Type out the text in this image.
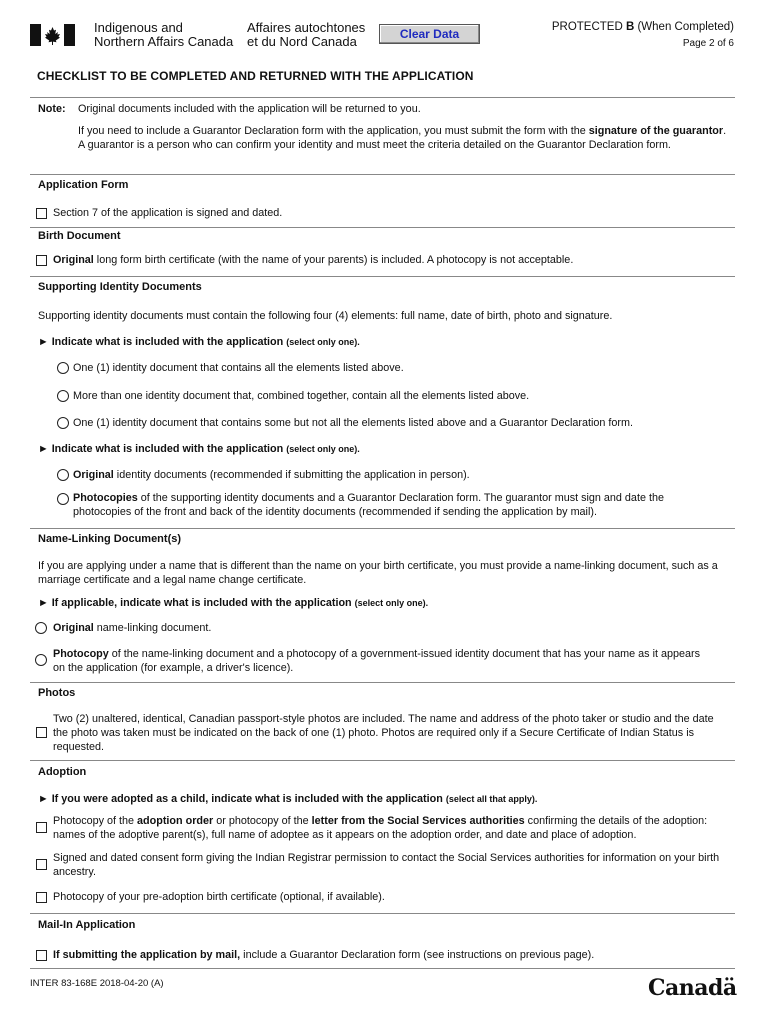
Indigenous and
Northern Affairs Canada
Affaires autochtones
et du Nord Canada	Clear Data	PROTECTED B (When Completed)
Page 2 of 6
CHECKLIST TO BE COMPLETED AND RETURNED WITH THE APPLICATION
Note: Original documents included with the application will be returned to you.
If you need to include a Guarantor Declaration form with the application, you must submit the form with the signature of the guarantor. A guarantor is a person who can confirm your identity and must meet the criteria detailed on the Guarantor Declaration form.
Application Form
Section 7 of the application is signed and dated.
Birth Document
Original long form birth certificate (with the name of your parents) is included. A photocopy is not acceptable.
Supporting Identity Documents
Supporting identity documents must contain the following four (4) elements: full name, date of birth, photo and signature.
► Indicate what is included with the application (select only one).
One (1) identity document that contains all the elements listed above.
More than one identity document that, combined together, contain all the elements listed above.
One (1) identity document that contains some but not all the elements listed above and a Guarantor Declaration form.
► Indicate what is included with the application (select only one).
Original identity documents (recommended if submitting the application in person).
Photocopies of the supporting identity documents and a Guarantor Declaration form. The guarantor must sign and date the photocopies of the front and back of the identity documents (recommended if sending the application by mail).
Name-Linking Document(s)
If you are applying under a name that is different than the name on your birth certificate, you must provide a name-linking document, such as a marriage certificate and a legal name change certificate.
► If applicable, indicate what is included with the application (select only one).
Original name-linking document.
Photocopy of the name-linking document and a photocopy of a government-issued identity document that has your name as it appears on the application (for example, a driver's licence).
Photos
Two (2) unaltered, identical, Canadian passport-style photos are included. The name and address of the photo taker or studio and the date the photo was taken must be indicated on the back of one (1) photo. Photos are required only if a Secure Certificate of Indian Status is requested.
Adoption
► If you were adopted as a child, indicate what is included with the application (select all that apply).
Photocopy of the adoption order or photocopy of the letter from the Social Services authorities confirming the details of the adoption: names of the adoptive parent(s), full name of adoptee as it appears on the adoption order, and date and place of adoption.
Signed and dated consent form giving the Indian Registrar permission to contact the Social Services authorities for information on your birth ancestry.
Photocopy of your pre-adoption birth certificate (optional, if available).
Mail-In Application
If submitting the application by mail, include a Guarantor Declaration form (see instructions on previous page).
INTER 83-168E 2018-04-20 (A)	Canadä
